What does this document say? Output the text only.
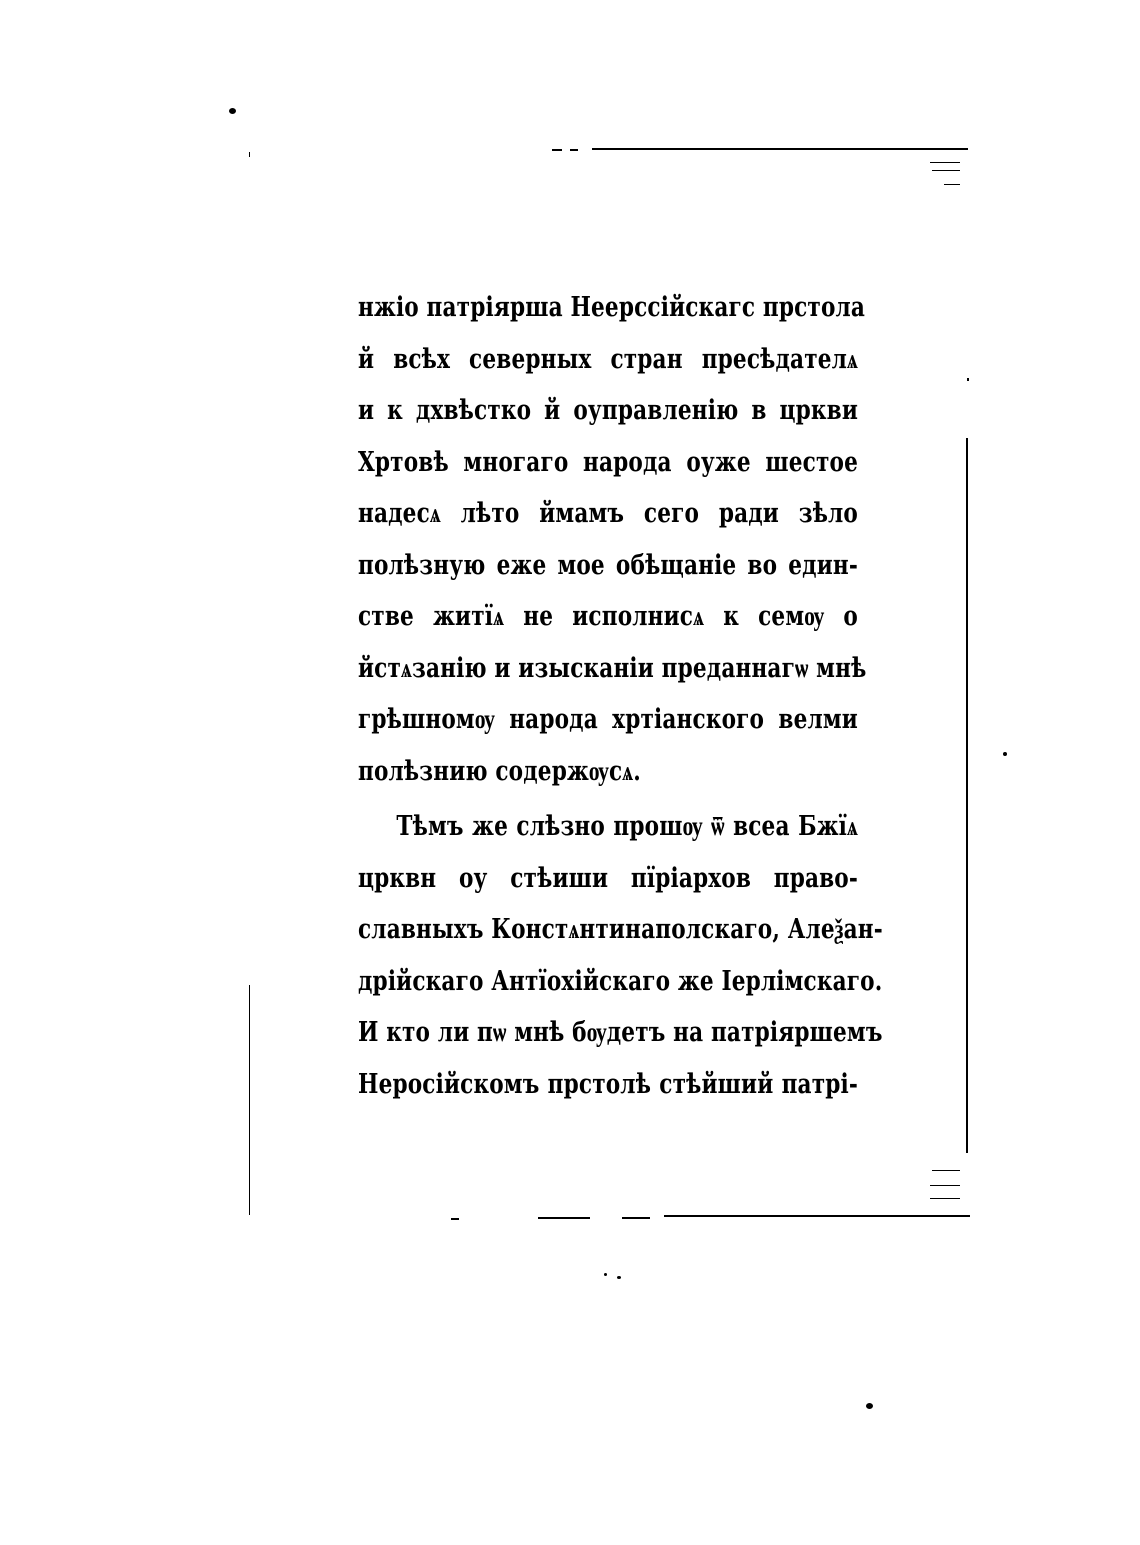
нжіо патріярша Неерссійскагс прстола
й всѣх северных стран пресѣдателѧ
и к дхвѣстко й оуправленію в цркви
Хртовѣ многаго народа оуже шестое
надесѧ лѣто ймамъ сего ради зѣло
полѣзную еже мое обѣщаніе во един-
стве житїѧ не исполнисѧ к семѹ о
йстѧзанію и изысканіи преданнагѡ мнѣ
грѣшномѹ народа хртіанского велми
полѣзнию содержѹсѧ.
Тѣмъ же слѣзно прошѹ ѿ всеа Бжїѧ
црквн оу стѣиши пїріархов право-
славныхъ Констѧнтинаполскаго, Алеѯан-
дрійскаго Антїохійскаго же Іерлімскаго.
И кто ли пѡ мнѣ бѹдетъ на патріяршемъ
Неросійскомъ прстолѣ стѣйший патрі-
